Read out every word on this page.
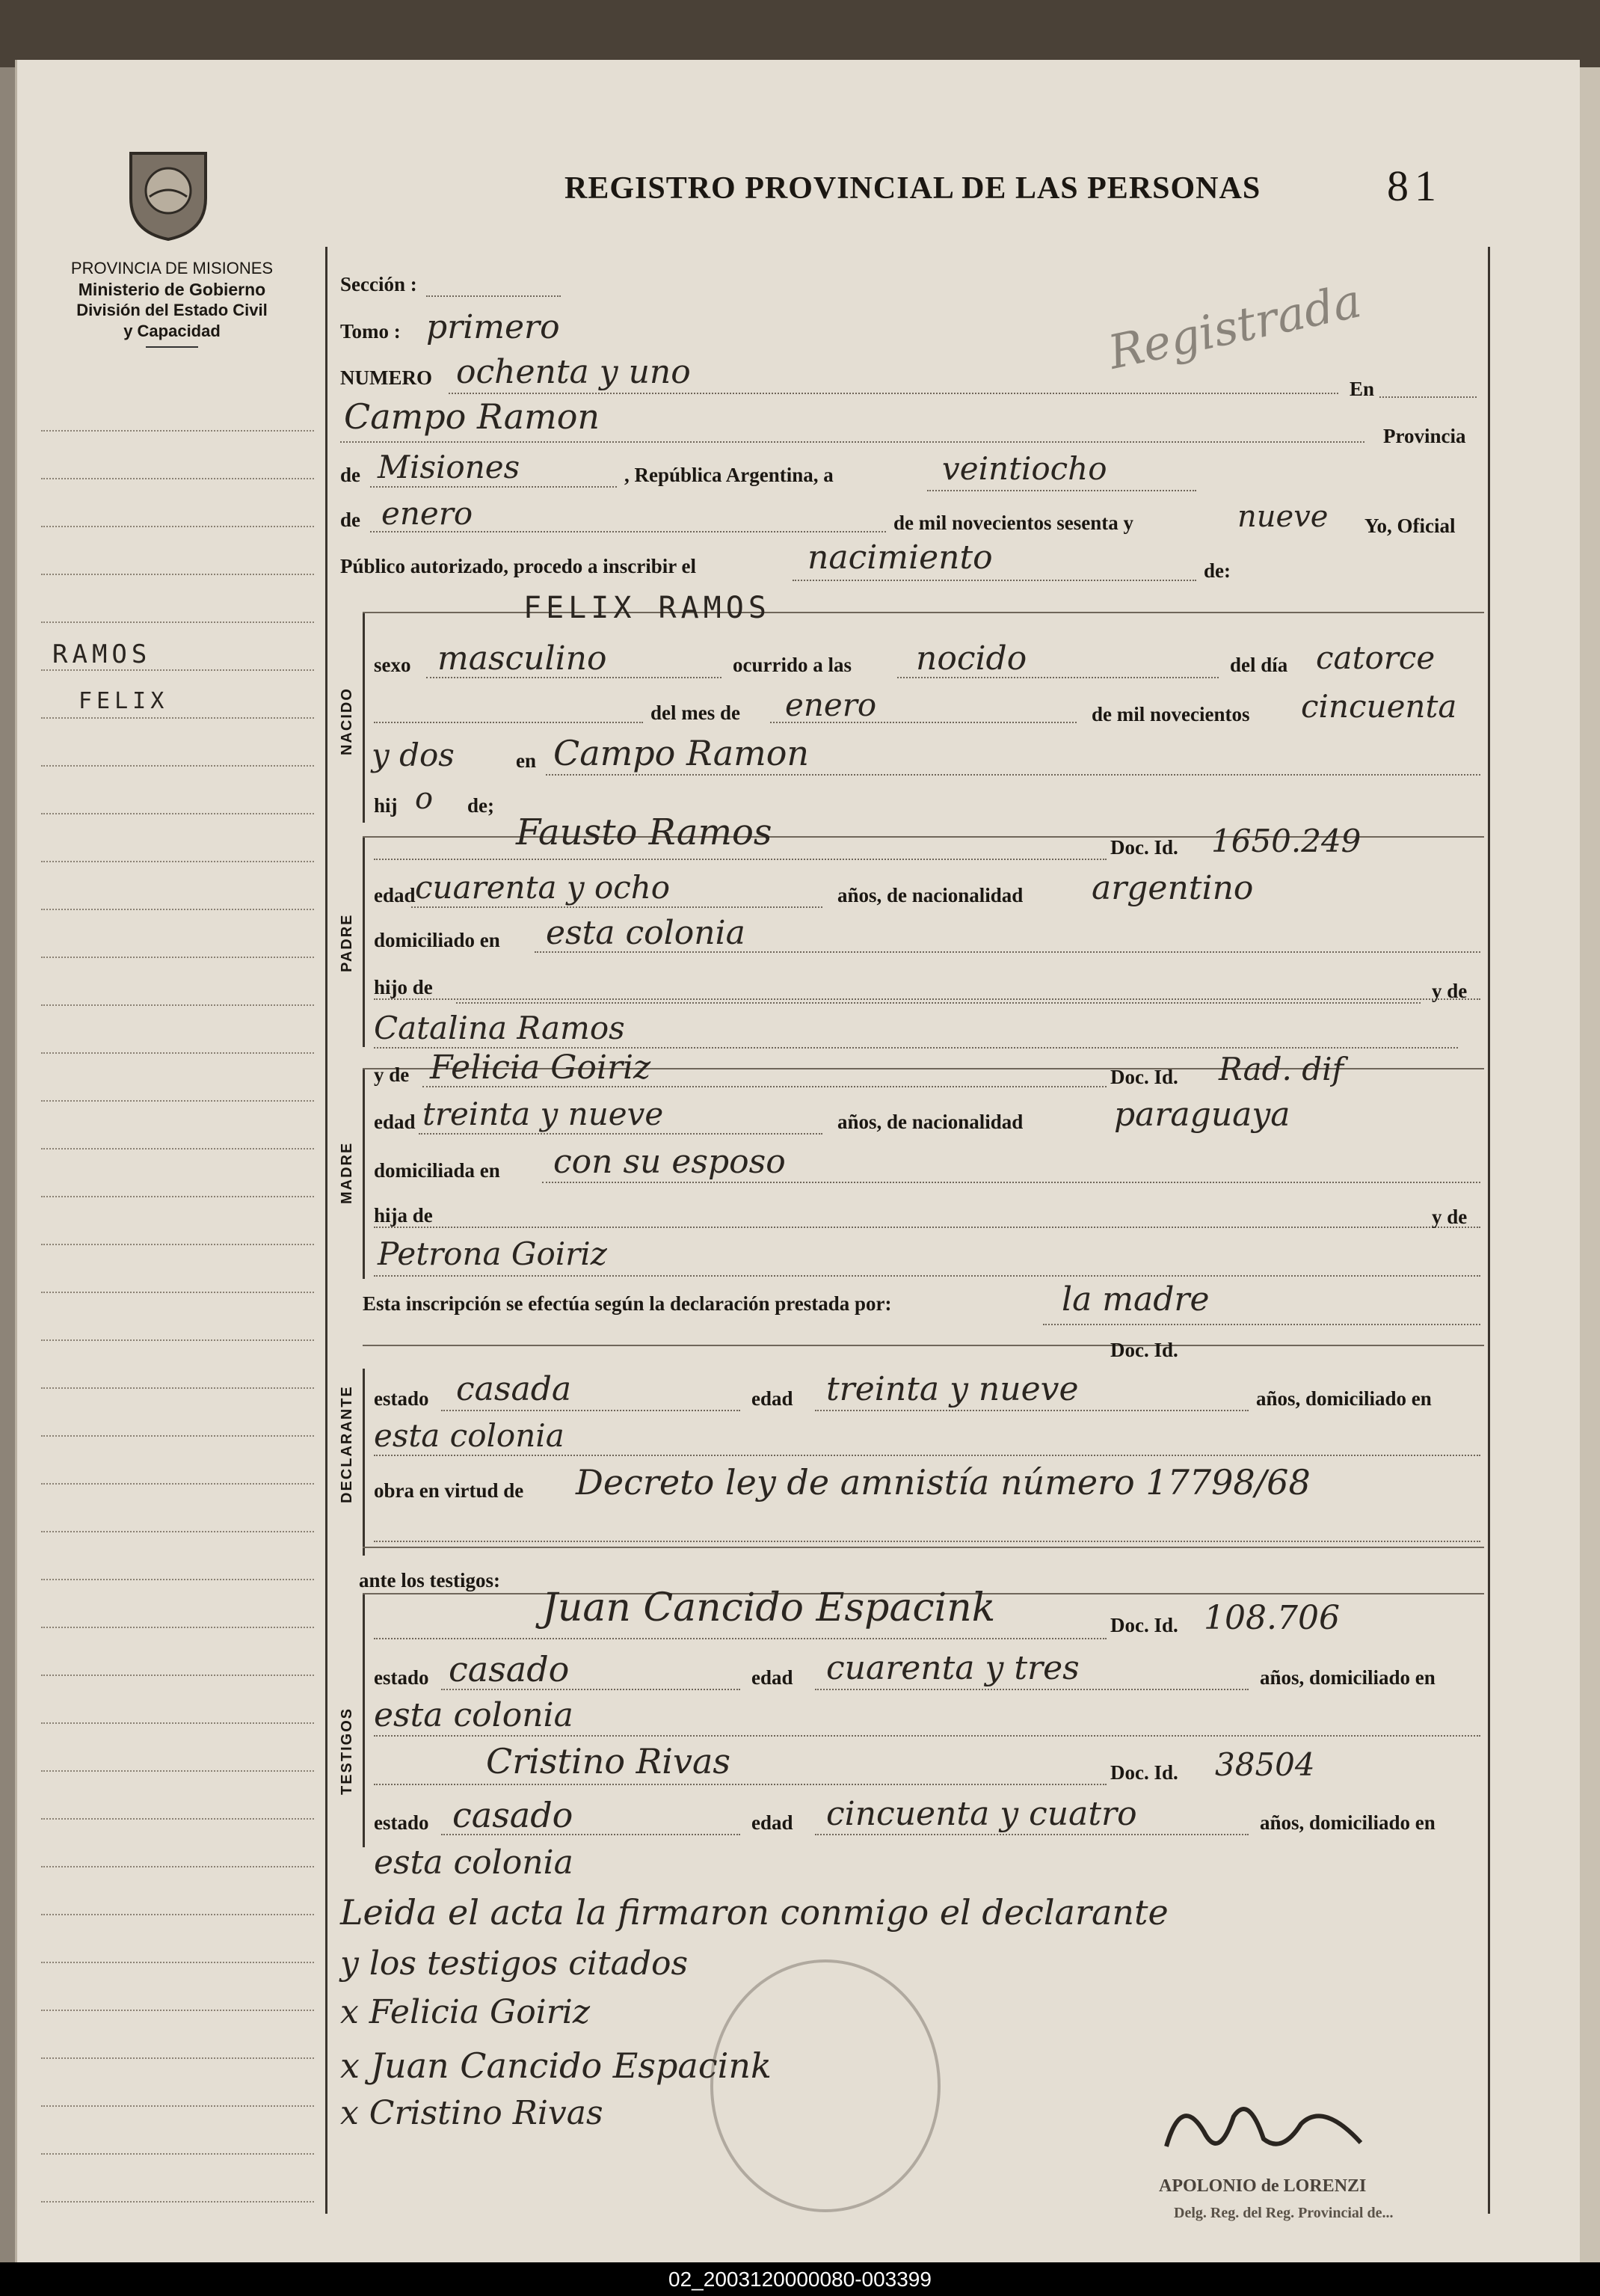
PROVINCIA DE MISIONES
Ministerio de Gobierno
División del Estado Civil
y Capacidad
RAMOS
FELIX
REGISTRO PROVINCIAL DE LAS PERSONAS	81
Registrada
NACIDO
PADRE
MADRE
DECLARANTE
TESTIGOS
Sección :
Tomo : primero
NUMERO ochenta y uno	En
Campo Ramon	Provincia
de Misiones	, República Argentina, a	veintiocho
de enero	de mil novecientos sesenta y	nueve Yo, Oficial
Público autorizado, procedo a inscribir el	nacimiento	de:
FELIX RAMOS
sexo masculino	ocurrido a las nocido	del día catorce
del mes de enero	de mil novecientos cincuenta
y dos	en Campo Ramon
hij o de;
Fausto Ramos	Doc. Id. 1650.249
edad cuarenta y ocho	años, de nacionalidad argentino
domiciliado en esta colonia
hijo de	y de
Catalina Ramos
y de Felicia Goiriz	Doc. Id. Rad. dif
edad treinta y nueve	años, de nacionalidad	paraguaya
domiciliada en con su esposo
hija de	y de
Petrona Goiriz
Esta inscripción se efectúa según la declaración prestada por:	la madre
Doc. Id.
estado casada	edad treinta y nueve	años, domiciliado en
esta colonia
obra en virtud de Decreto ley de amnistía número 17798/68
ante los testigos:
Juan Cancido Espacink	Doc. Id. 108.706
estado casado	edad cuarenta y tres	años, domiciliado en
esta colonia
Cristino Rivas	Doc. Id. 38504
estado casado	edad cincuenta y cuatro	años, domiciliado en
esta colonia
Leida el acta la firmaron conmigo el declarante
y los testigos citados
x Felicia Goiriz
x Juan Cancido Espacink
x Cristino Rivas
APOLONIO de LORENZI
Delg. Reg. del Reg. Provincial de...
02_2003120000080-003399
